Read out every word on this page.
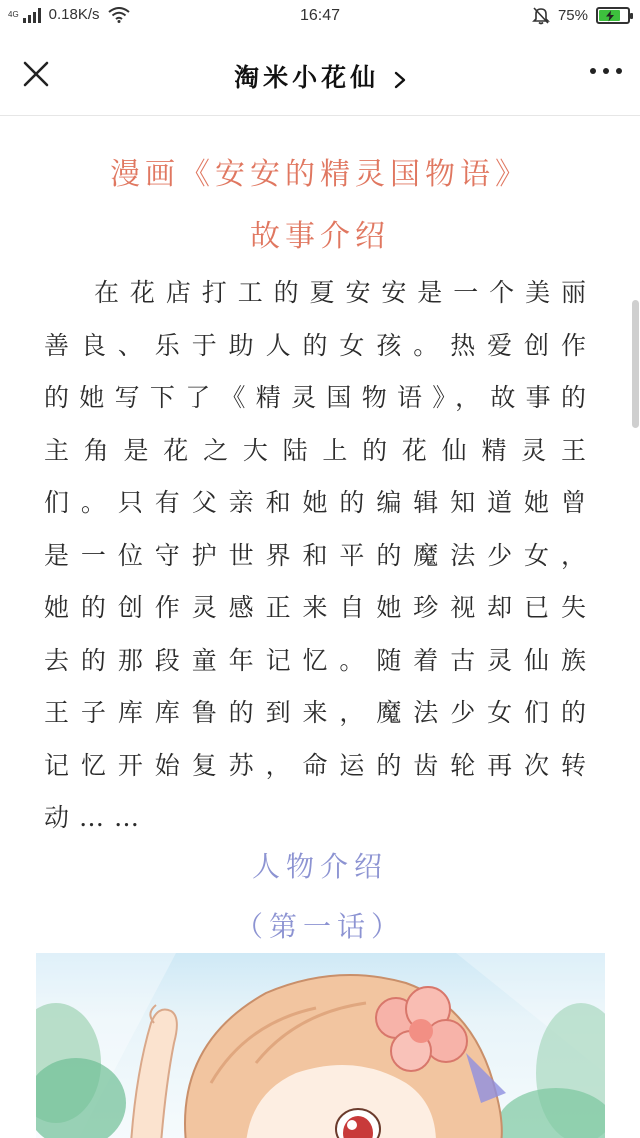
4G 0.18K/s	16:47	75%
淘米小花仙
漫画《安安的精灵国物语》
故事介绍

在花店打工的夏安安是一个美丽善良、乐于助人的女孩。热爱创作的她写下了《精灵国物语》，故事的主角是花之大陆上的花仙精灵王们。只有父亲和她的编辑知道她曾是一位守护世界和平的魔法少女，她的创作灵感正来自她珍视却已失去的那段童年记忆。随着古灵仙族王子库库鲁的到来，魔法少女们的记忆开始复苏，命运的齿轮再次转动……

人物介绍
（第一话）
